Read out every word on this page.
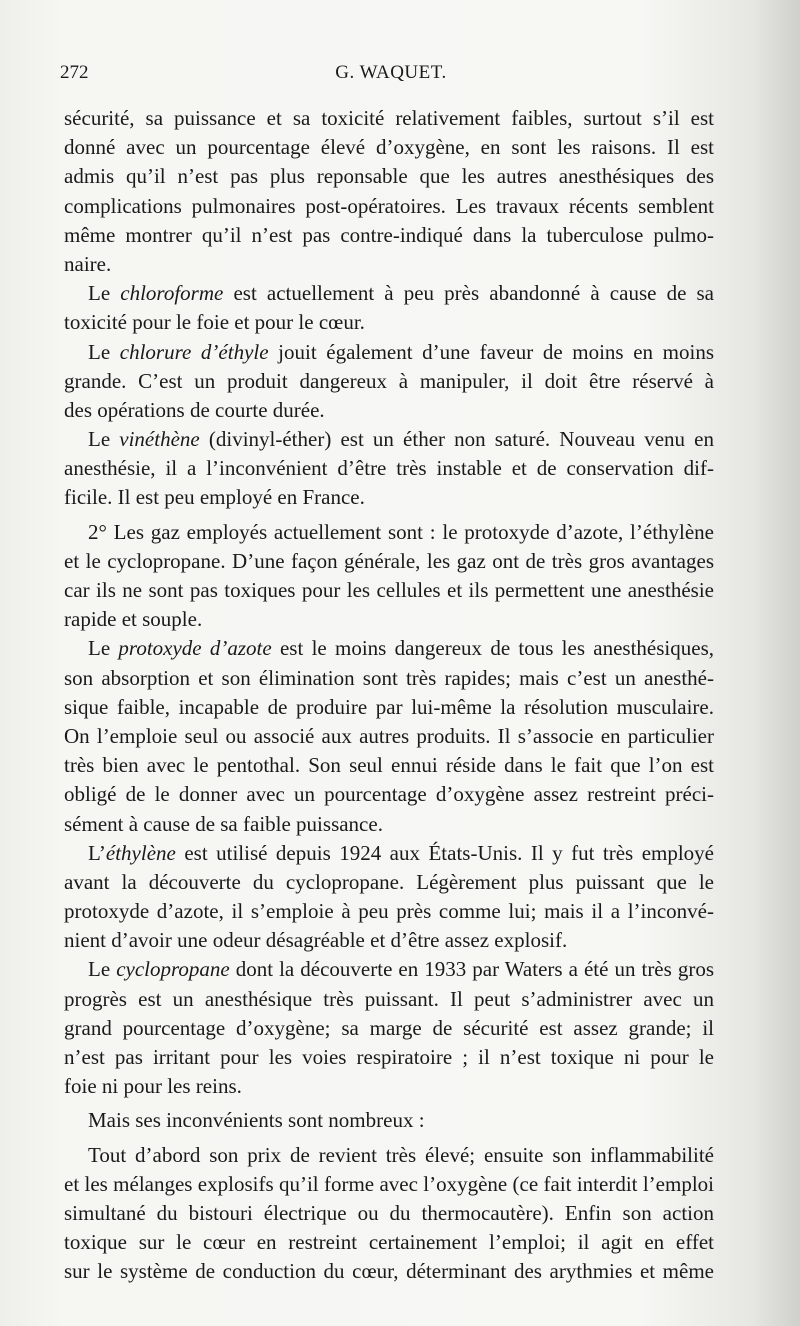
272	G. WAQUET.
sécurité, sa puissance et sa toxicité relativement faibles, surtout s’il est
donné avec un pourcentage élevé d’oxygène, en sont les raisons. Il est
admis qu’il n’est pas plus reponsable que les autres anesthésiques des
complications pulmonaires post-opératoires. Les travaux récents semblent
même montrer qu’il n’est pas contre-indiqué dans la tuberculose pulmo-
naire.
Le chloroforme est actuellement à peu près abandonné à cause de sa
toxicité pour le foie et pour le cœur.
Le chlorure d’éthyle jouit également d’une faveur de moins en moins
grande. C’est un produit dangereux à manipuler, il doit être réservé à
des opérations de courte durée.
Le vinéthène (divinyl-éther) est un éther non saturé. Nouveau venu en
anesthésie, il a l’inconvénient d’être très instable et de conservation dif-
ficile. Il est peu employé en France.
2° Les gaz employés actuellement sont : le protoxyde d’azote, l’éthylène
et le cyclopropane. D’une façon générale, les gaz ont de très gros avantages
car ils ne sont pas toxiques pour les cellules et ils permettent une anesthésie
rapide et souple.
Le protoxyde d’azote est le moins dangereux de tous les anesthésiques,
son absorption et son élimination sont très rapides; mais c’est un anesthé-
sique faible, incapable de produire par lui-même la résolution musculaire.
On l’emploie seul ou associé aux autres produits. Il s’associe en particulier
très bien avec le pentothal. Son seul ennui réside dans le fait que l’on est
obligé de le donner avec un pourcentage d’oxygène assez restreint préci-
sément à cause de sa faible puissance.
L’éthylène est utilisé depuis 1924 aux États-Unis. Il y fut très employé
avant la découverte du cyclopropane. Légèrement plus puissant que le
protoxyde d’azote, il s’emploie à peu près comme lui; mais il a l’inconvé-
nient d’avoir une odeur désagréable et d’être assez explosif.
Le cyclopropane dont la découverte en 1933 par Waters a été un très gros
progrès est un anesthésique très puissant. Il peut s’administrer avec un
grand pourcentage d’oxygène; sa marge de sécurité est assez grande; il
n’est pas irritant pour les voies respiratoire ; il n’est toxique ni pour le
foie ni pour les reins.
Mais ses inconvénients sont nombreux :
Tout d’abord son prix de revient très élevé; ensuite son inflammabilité
et les mélanges explosifs qu’il forme avec l’oxygène (ce fait interdit l’emploi
simultané du bistouri électrique ou du thermocautère). Enfin son action
toxique sur le cœur en restreint certainement l’emploi; il agit en effet
sur le système de conduction du cœur, déterminant des arythmies et même
